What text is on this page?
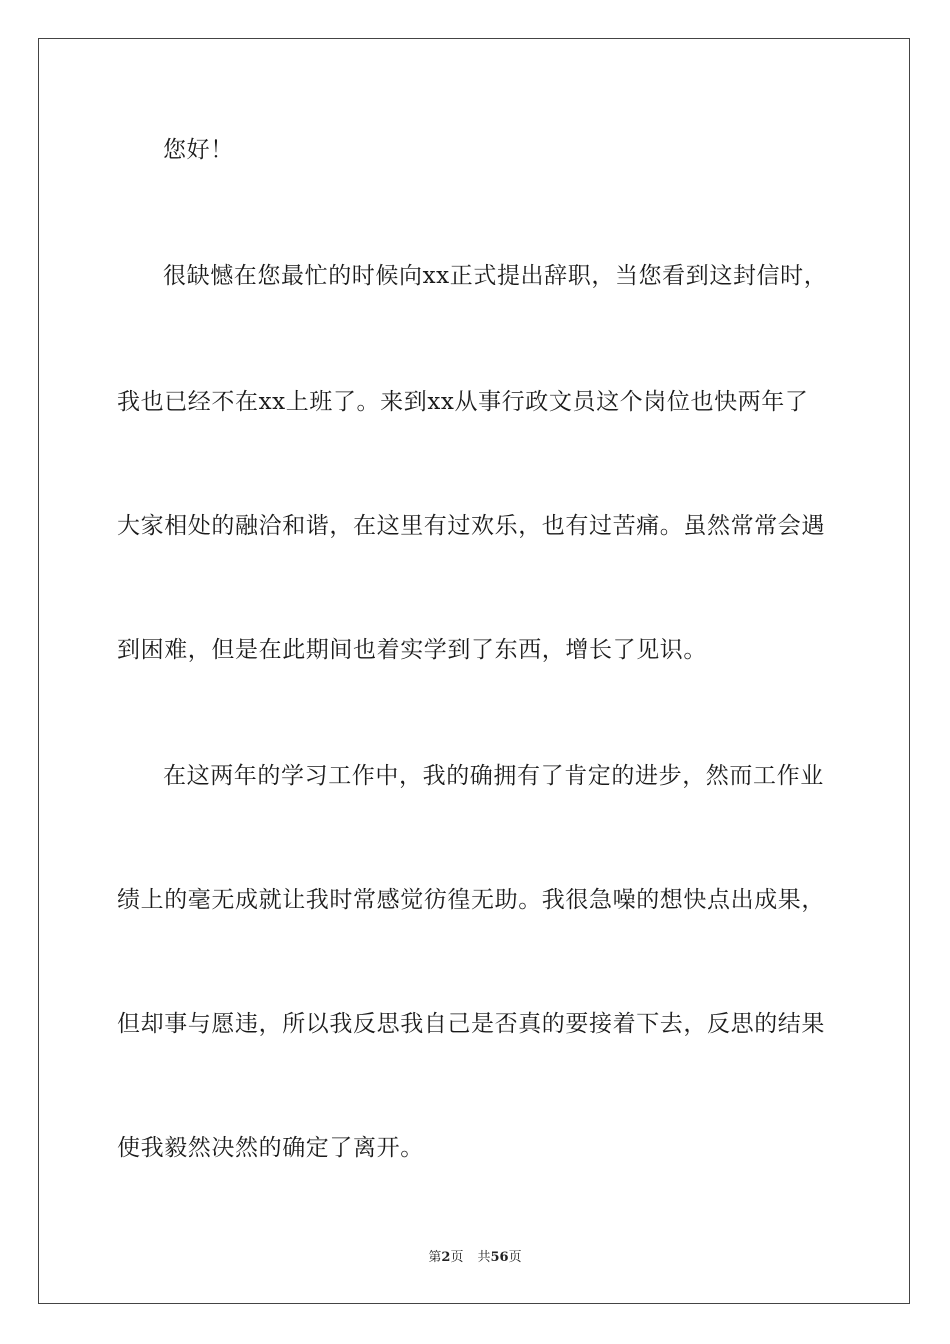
您好！
很缺憾在您最忙的时候向xx正式提出辞职，当您看到这封信时，
我也已经不在xx上班了。来到xx从事行政文员这个岗位也快两年了
大家相处的融洽和谐，在这里有过欢乐，也有过苦痛。虽然常常会遇
到困难，但是在此期间也着实学到了东西，增长了见识。
在这两年的学习工作中，我的确拥有了肯定的进步，然而工作业
绩上的毫无成就让我时常感觉彷徨无助。我很急噪的想快点出成果，
但却事与愿违，所以我反思我自己是否真的要接着下去，反思的结果
使我毅然决然的确定了离开。
第2页 共56页
